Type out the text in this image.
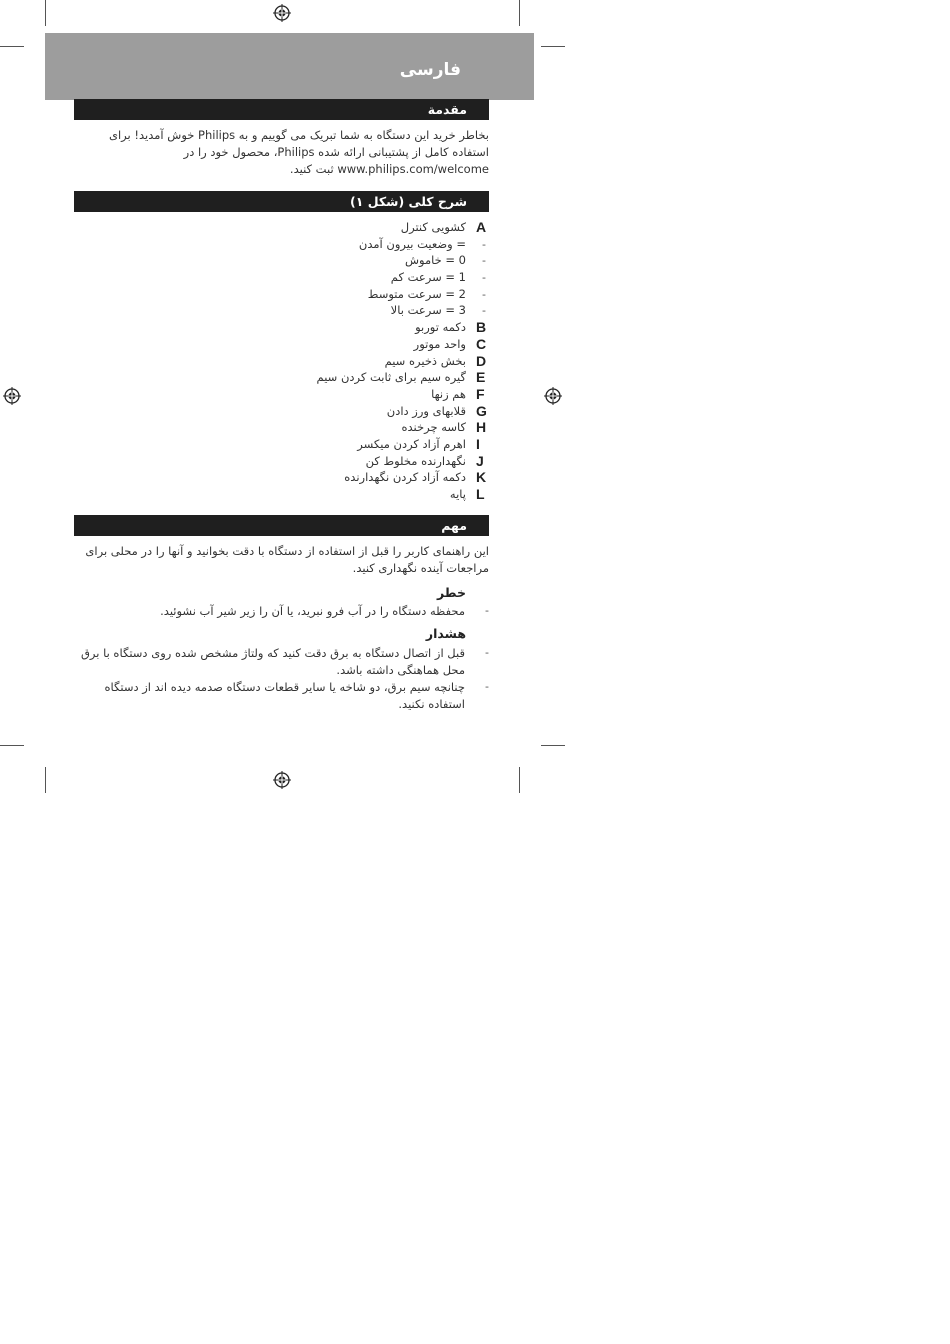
فارسی
مقدمة
بخاطر خرید این دستگاه به شما تبریک می گوییم و به Philips خوش آمدید! برای استفاده کامل از پشتیبانی ارائه شده Philips، محصول خود را در www.philips.com/welcome ثبت کنید.
شرح کلی (شکل ۱)
A
کشویی کنترل
-
= وضعیت بیرون آمدن
-
0 = خاموش
-
1 = سرعت کم
-
2 = سرعت متوسط
-
3 = سرعت بالا
B
دکمه توربو
C
واحد موتور
D
بخش ذخیره سیم
E
گیره سیم برای ثابت کردن سیم
F
هم زنها
G
قلابهای ورز دادن
H
کاسه چرخنده
I
اهرم آزاد کردن میکسر
J
نگهدارنده مخلوط کن
K
دکمه آزاد کردن نگهدارنده
L
پایه
مهم
این راهنمای کاربر را قبل از استفاده از دستگاه با دقت بخوانید و آنها را در محلی برای مراجعات آینده نگهداری کنید.
خطر
-
محفظه دستگاه را در آب فرو نبرید، یا آن را زیر شیر آب نشوئید.
هشدار
-
قبل از اتصال دستگاه به برق دقت کنید که ولتاژ مشخص شده روی دستگاه با برق محل هماهنگی داشته باشد.
-
چنانچه سیم برق، دو شاخه یا سایر قطعات دستگاه صدمه دیده اند از دستگاه استفاده نکنید.
